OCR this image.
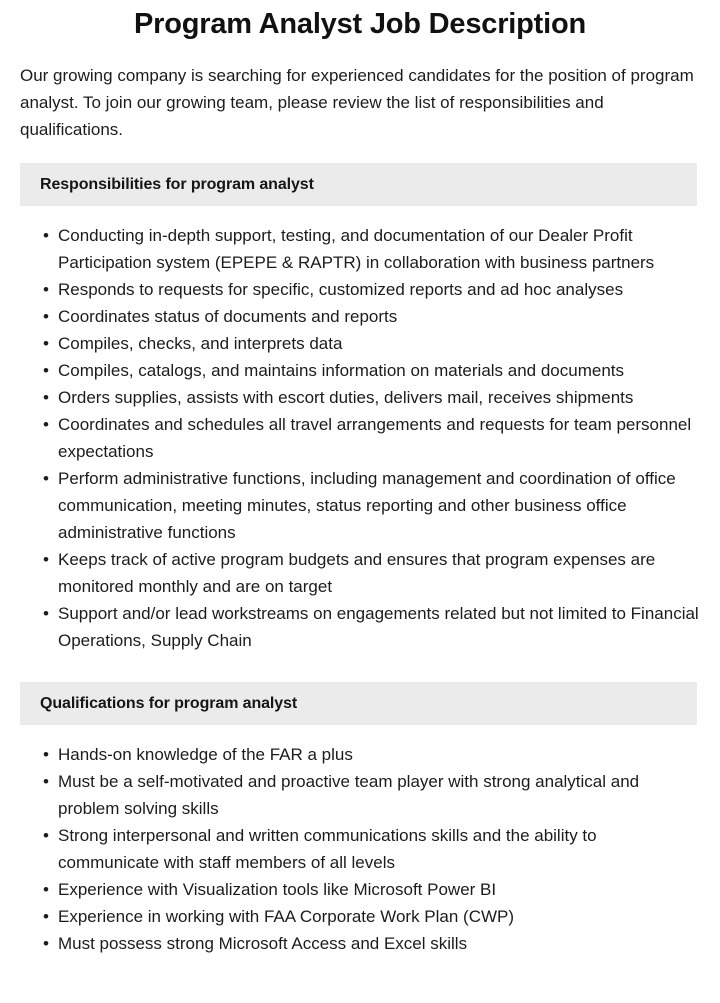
Program Analyst Job Description

Our growing company is searching for experienced candidates for the position of program analyst. To join our growing team, please review the list of responsibilities and qualifications.

Responsibilities for program analyst
• Conducting in-depth support, testing, and documentation of our Dealer Profit Participation system (EPEPE & RAPTR) in collaboration with business partners
• Responds to requests for specific, customized reports and ad hoc analyses
• Coordinates status of documents and reports
• Compiles, checks, and interprets data
• Compiles, catalogs, and maintains information on materials and documents
• Orders supplies, assists with escort duties, delivers mail, receives shipments
• Coordinates and schedules all travel arrangements and requests for team personnel expectations
• Perform administrative functions, including management and coordination of office communication, meeting minutes, status reporting and other business office administrative functions
• Keeps track of active program budgets and ensures that program expenses are monitored monthly and are on target
• Support and/or lead workstreams on engagements related but not limited to Financial Operations, Supply Chain
Qualifications for program analyst
• Hands-on knowledge of the FAR a plus
• Must be a self-motivated and proactive team player with strong analytical and problem solving skills
• Strong interpersonal and written communications skills and the ability to communicate with staff members of all levels
• Experience with Visualization tools like Microsoft Power BI
• Experience in working with FAA Corporate Work Plan (CWP)
• Must possess strong Microsoft Access and Excel skills
